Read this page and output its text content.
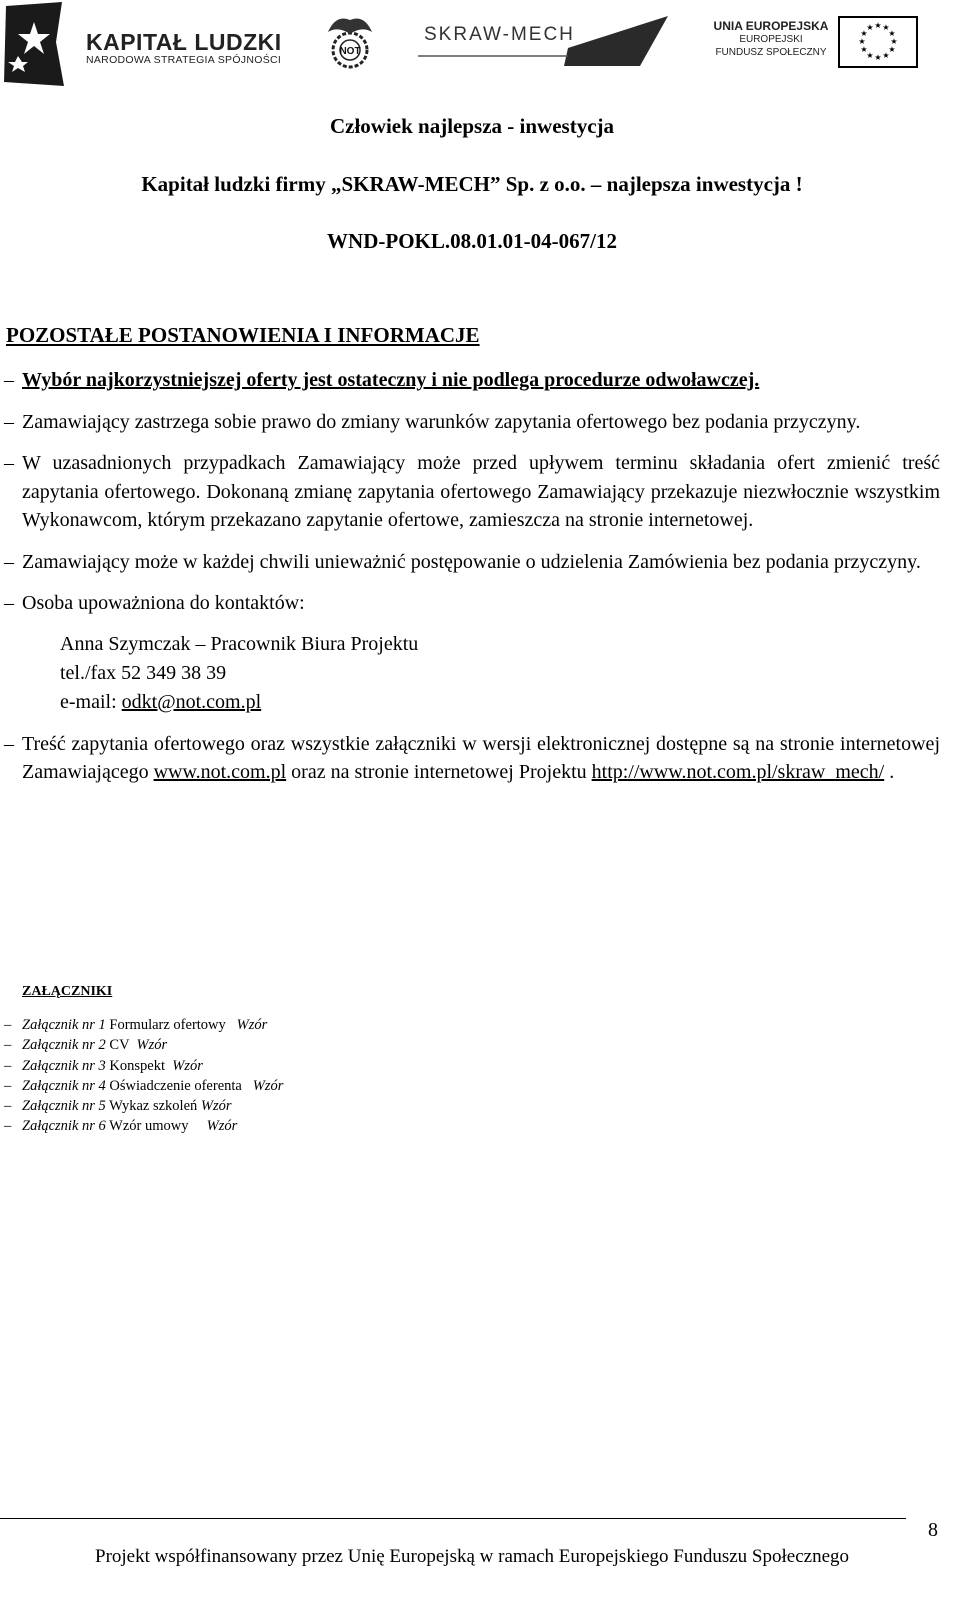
KAPITAŁ LUDZKI
NARODOWA STRATEGIA SPÓJNOŚCI
NOT
SKRAW-MECH	UNIA EUROPEJSKA
EUROPEJSKI
FUNDUSZ SPOŁECZNY
★ ★
★
★
★
★
★
★
★
★
★
★
Człowiek najlepsza - inwestycja
Kapitał ludzki firmy „SKRAW-MECH” Sp. z o.o. – najlepsza inwestycja !
WND-POKL.08.01.01-04-067/12
POZOSTAŁE POSTANOWIENIA I INFORMACJE
– Wybór najkorzystniejszej oferty jest ostateczny i nie podlega procedurze odwoławczej.
– Zamawiający zastrzega sobie prawo do zmiany warunków zapytania ofertowego bez podania przyczyny.
– W uzasadnionych przypadkach Zamawiający może przed upływem terminu składania ofert zmienić treść zapytania ofertowego. Dokonaną zmianę zapytania ofertowego Zamawiający przekazuje niezwłocznie wszystkim Wykonawcom, którym przekazano zapytanie ofertowe, zamieszcza na stronie internetowej.
– Zamawiający może w każdej chwili unieważnić postępowanie o udzielenia Zamówienia bez podania przyczyny.
– Osoba upoważniona do kontaktów:
Anna Szymczak – Pracownik Biura Projektu
tel./fax 52 349 38 39
e-mail: odkt@not.com.pl
– Treść zapytania ofertowego oraz wszystkie załączniki w wersji elektronicznej dostępne są na stronie internetowej Zamawiającego www.not.com.pl oraz na stronie internetowej Projektu http://www.not.com.pl/skraw_mech/ .
ZAŁĄCZNIKI
– Załącznik nr 1 Formularz ofertowy Wzór
– Załącznik nr 2 CV Wzór
– Załącznik nr 3 Konspekt Wzór
– Załącznik nr 4 Oświadczenie oferenta Wzór
– Załącznik nr 5 Wykaz szkoleń Wzór
– Załącznik nr 6 Wzór umowy Wzór
8
Projekt współfinansowany przez Unię Europejską w ramach Europejskiego Funduszu Społecznego
